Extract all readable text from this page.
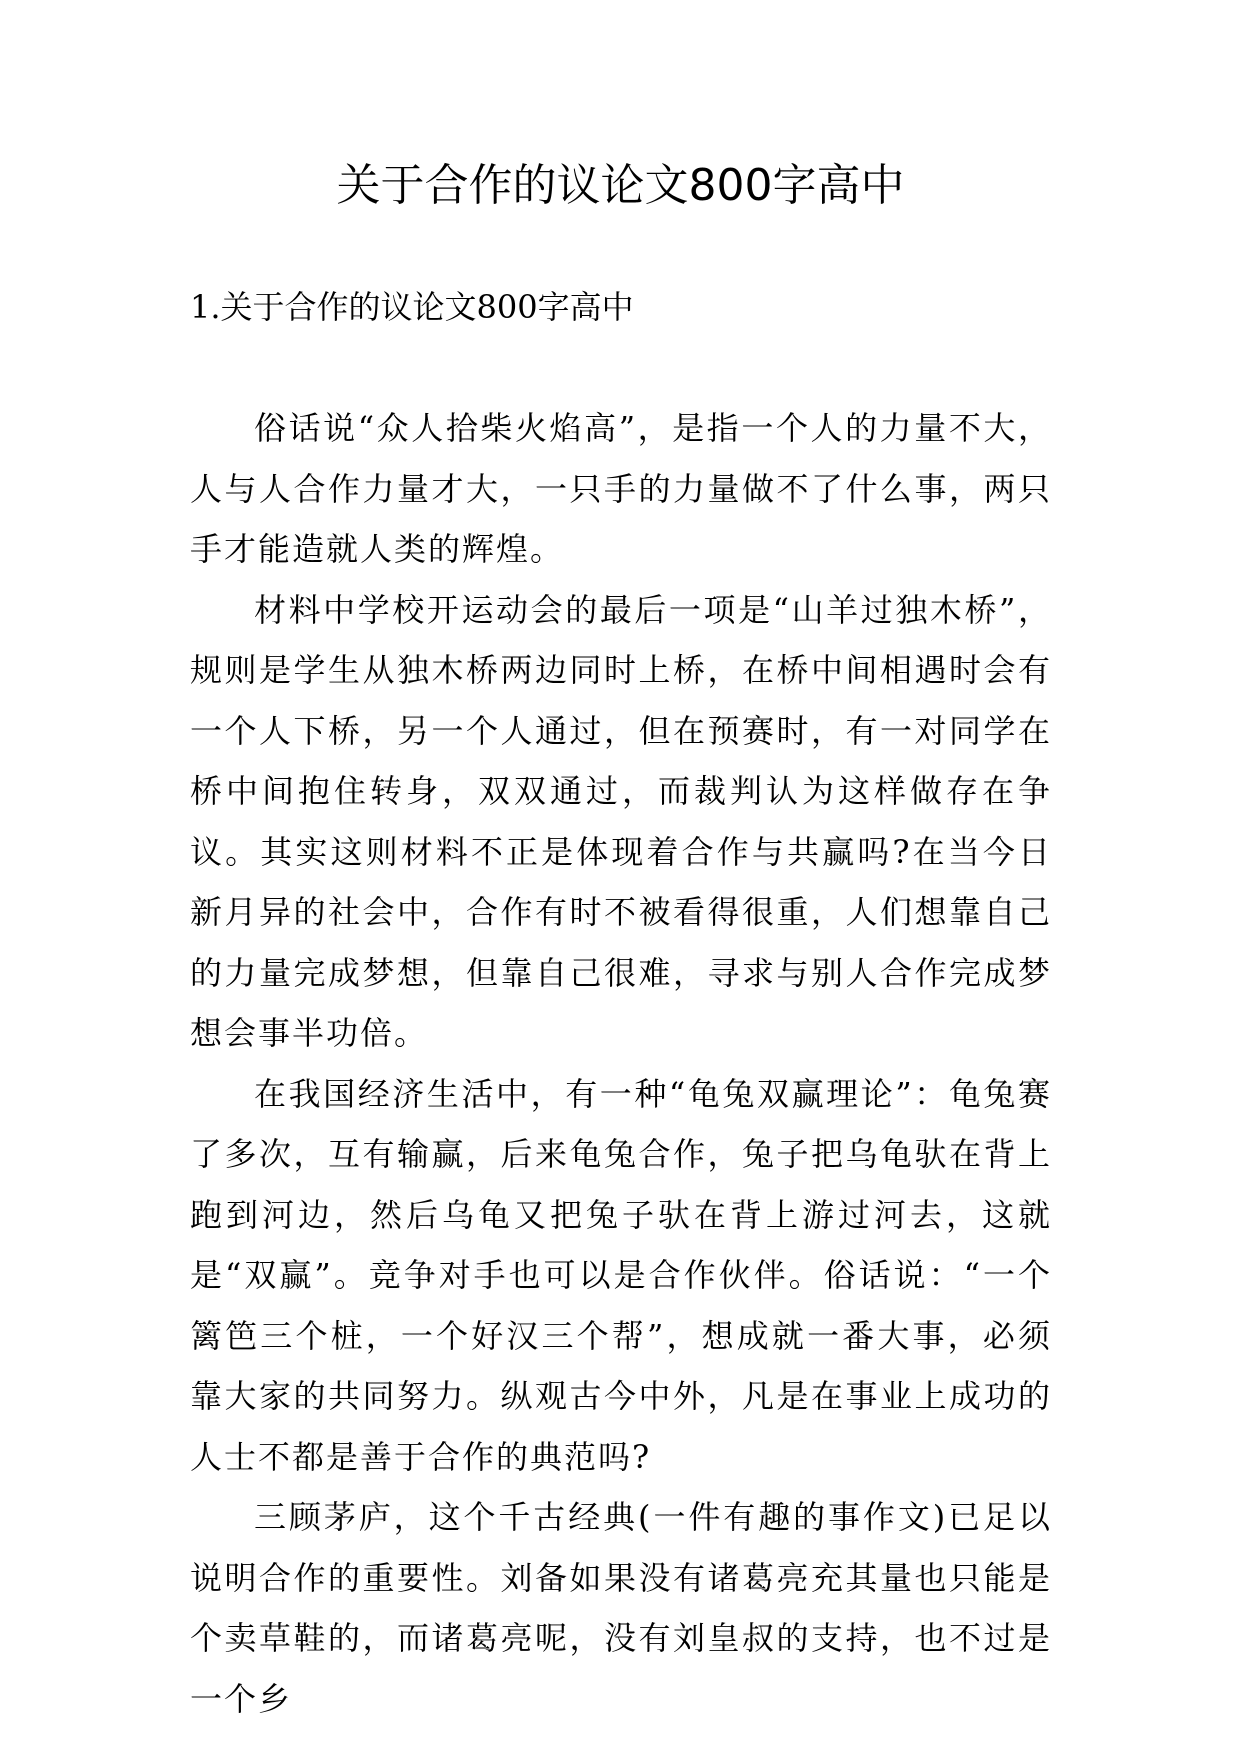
关于合作的议论文800字高中
1.关于合作的议论文800字高中

俗话说“众人拾柴火焰高”，是指一个人的力量不大，人与人合作力量才大，一只手的力量做不了什么事，两只手才能造就人类的辉煌。

材料中学校开运动会的最后一项是“山羊过独木桥”，规则是学生从独木桥两边同时上桥，在桥中间相遇时会有一个人下桥，另一个人通过，但在预赛时，有一对同学在桥中间抱住转身，双双通过，而裁判认为这样做存在争议。其实这则材料不正是体现着合作与共赢吗?在当今日新月异的社会中，合作有时不被看得很重，人们想靠自己的力量完成梦想，但靠自己很难，寻求与别人合作完成梦想会事半功倍。

在我国经济生活中，有一种“龟兔双赢理论”：龟兔赛了多次，互有输赢，后来龟兔合作，兔子把乌龟驮在背上跑到河边，然后乌龟又把兔子驮在背上游过河去，这就是“双赢”。竞争对手也可以是合作伙伴。俗话说：“一个篱笆三个桩，一个好汉三个帮”，想成就一番大事，必须靠大家的共同努力。纵观古今中外，凡是在事业上成功的人士不都是善于合作的典范吗?

三顾茅庐，这个千古经典(一件有趣的事作文)已足以说明合作的重要性。刘备如果没有诸葛亮充其量也只能是个卖草鞋的，而诸葛亮呢，没有刘皇叔的支持，也不过是一个乡
